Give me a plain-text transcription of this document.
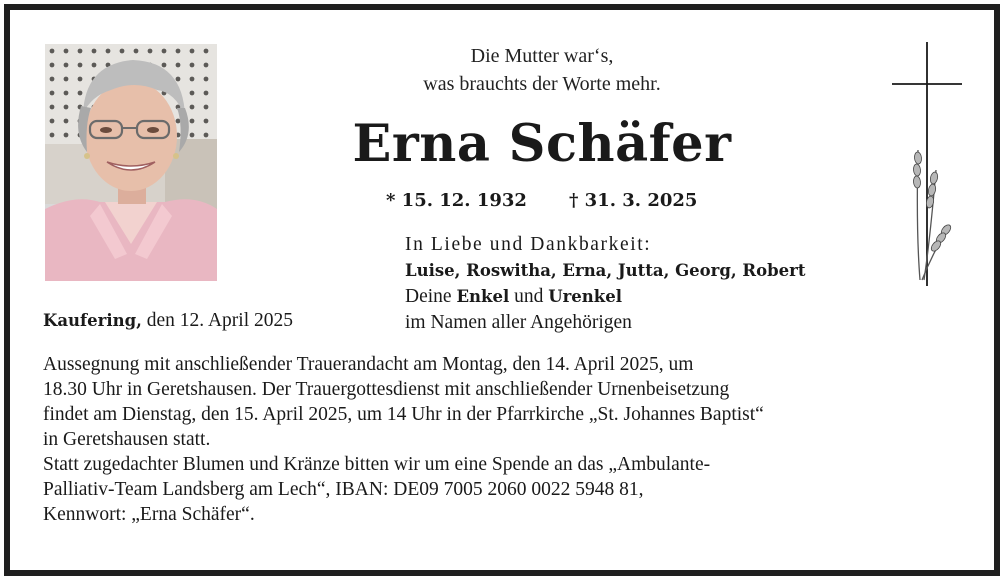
Die Mutter war‘s,
was brauchts der Worte mehr.
Erna Schäfer
* 15. 12. 1932 † 31. 3. 2025
In Liebe und Dankbarkeit:
Luise, Roswitha, Erna, Jutta, Georg, Robert
Deine Enkel und Urenkel
im Namen aller Angehörigen
Kaufering, den 12. April 2025
Aussegnung mit anschließender Trauerandacht am Montag, den 14. April 2025, um
18.30 Uhr in Geretshausen. Der Trauergottesdienst mit anschließender Urnenbeisetzung
findet am Dienstag, den 15. April 2025, um 14 Uhr in der Pfarrkirche „St. Johannes Baptist“
in Geretshausen statt.
Statt zugedachter Blumen und Kränze bitten wir um eine Spende an das „Ambulante-
Palliativ-Team Landsberg am Lech“, IBAN: DE09 7005 2060 0022 5948 81,
Kennwort: „Erna Schäfer“.
